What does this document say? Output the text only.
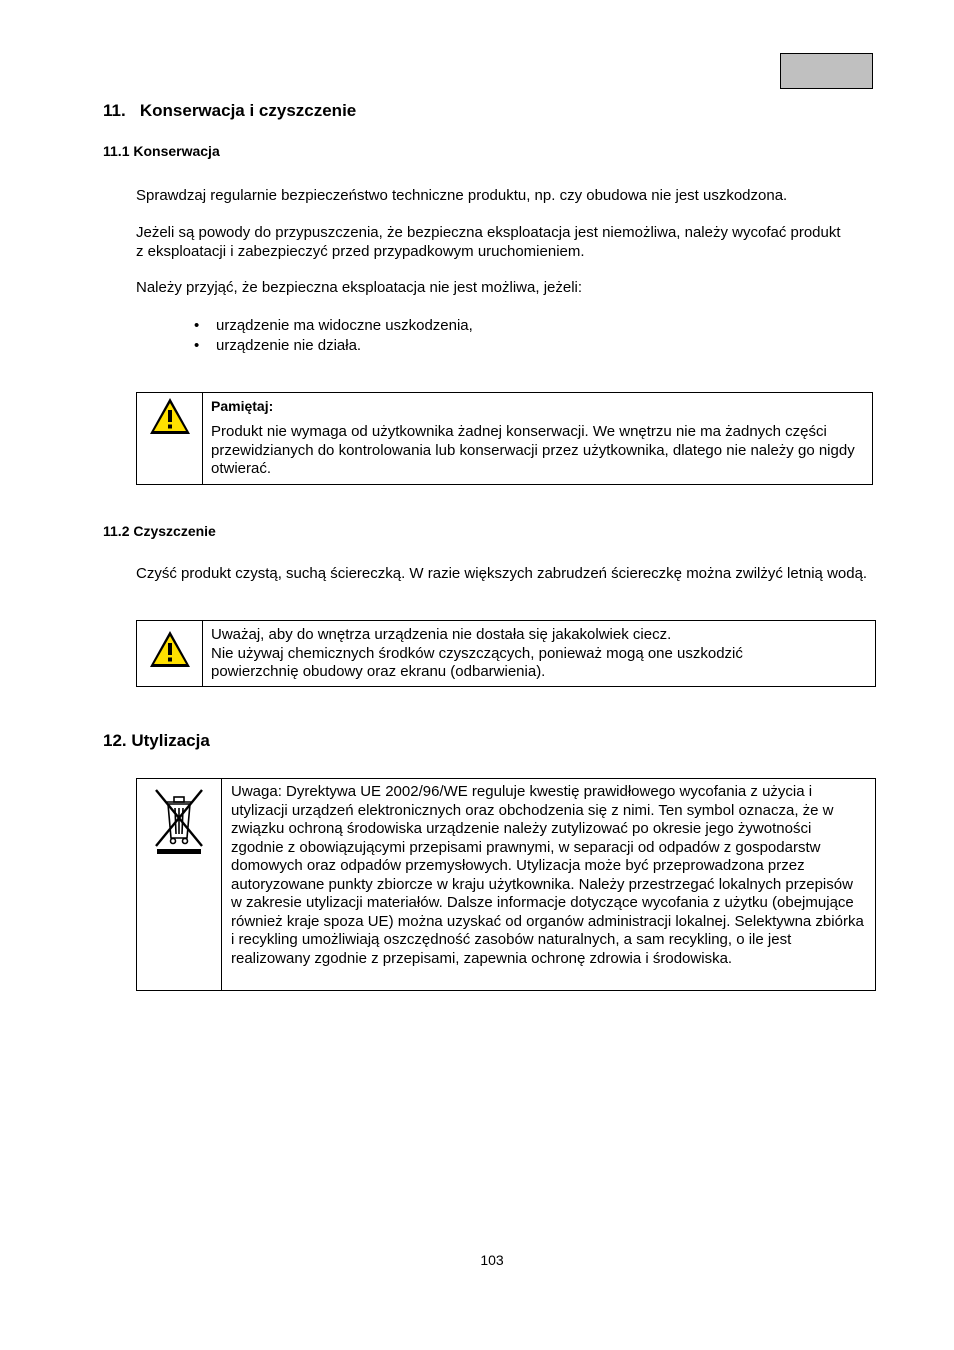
11.   Konserwacja i czyszczenie
11.1 Konserwacja
Sprawdzaj regularnie bezpieczeństwo techniczne produktu, np. czy obudowa nie jest uszkodzona.
Jeżeli są powody do przypuszczenia, że bezpieczna eksploatacja jest niemożliwa, należy wycofać produkt z eksploatacji i zabezpieczyć przed przypadkowym uruchomieniem.
Należy przyjąć, że bezpieczna eksploatacja nie jest możliwa, jeżeli:
• urządzenie ma widoczne uszkodzenia,
• urządzenie nie działa.

Pamiętaj:
Produkt nie wymaga od użytkownika żadnej konserwacji. We wnętrzu nie ma żadnych części przewidzianych do kontrolowania lub konserwacji przez użytkownika, dlatego nie należy go nigdy otwierać.
11.2 Czyszczenie
Czyść produkt czystą, suchą ściereczką. W razie większych zabrudzeń ściereczkę można zwilżyć letnią wodą.

Uważaj, aby do wnętrza urządzenia nie dostała się jakakolwiek ciecz.
Nie używaj chemicznych środków czyszczących, ponieważ mogą one uszkodzić powierzchnię obudowy oraz ekranu (odbarwienia).
12. Utylizacja

Uwaga: Dyrektywa UE 2002/96/WE reguluje kwestię prawidłowego wycofania z użycia i utylizacji urządzeń elektronicznych oraz obchodzenia się z nimi. Ten symbol oznacza, że w związku ochroną środowiska urządzenie należy zutylizować po okresie jego żywotności zgodnie z obowiązującymi przepisami prawnymi, w separacji od odpadów z gospodarstw domowych oraz odpadów przemysłowych. Utylizacja może być przeprowadzona przez autoryzowane punkty zbiorcze w kraju użytkownika. Należy przestrzegać lokalnych przepisów w zakresie utylizacji materiałów. Dalsze informacje dotyczące wycofania z użytku (obejmujące również kraje spoza UE) można uzyskać od organów administracji lokalnej. Selektywna zbiórka i recykling umożliwiają oszczędność zasobów naturalnych, a sam recykling, o ile jest realizowany zgodnie z przepisami, zapewnia ochronę zdrowia i środowiska.
103
